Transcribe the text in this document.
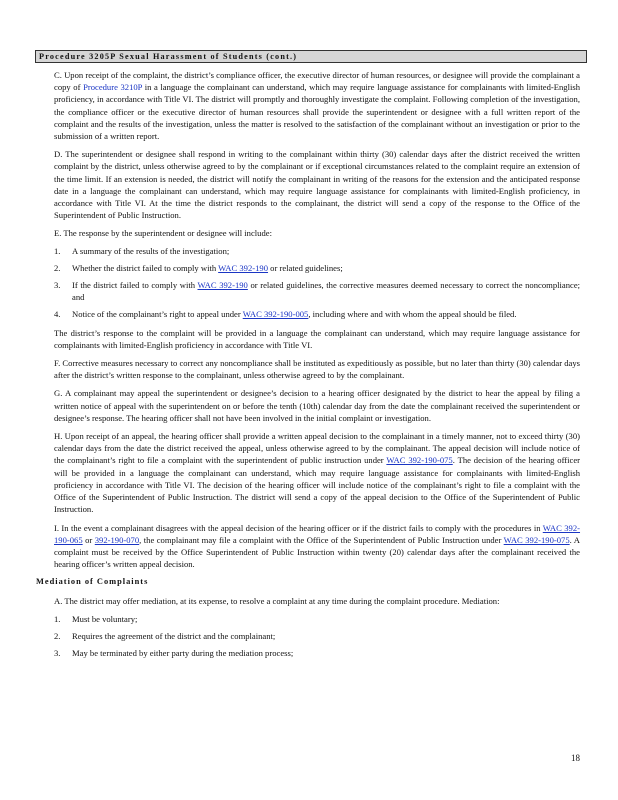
Procedure 3205P Sexual Harassment of Students (cont.)

C. Upon receipt of the complaint, the district’s compliance officer, the executive director of human resources, or designee will provide the complainant a copy of Procedure 3210P in a language the complainant can understand, which may require language assistance for complainants with limited-English proficiency, in accordance with Title VI. The district will promptly and thoroughly investigate the complaint. Following completion of the investigation, the compliance officer or the executive director of human resources shall provide the superintendent or designee with a full written report of the complaint and the results of the investigation, unless the matter is resolved to the satisfaction of the complainant without an investigation or prior to the submission of a written report.

D. The superintendent or designee shall respond in writing to the complainant within thirty (30) calendar days after the district received the written complaint by the district, unless otherwise agreed to by the complainant or if exceptional circumstances related to the complaint require an extension of the time limit. If an extension is needed, the district will notify the complainant in writing of the reasons for the extension and the anticipated response date in a language the complainant can understand, which may require language assistance for complainants with limited-English proficiency, in accordance with Title VI. At the time the district responds to the complainant, the district will send a copy of the response to the Office of the Superintendent of Public Instruction.

E. The response by the superintendent or designee will include:

1. A summary of the results of the investigation;
2. Whether the district failed to comply with WAC 392-190 or related guidelines;
3. If the district failed to comply with WAC 392-190 or related guidelines, the corrective measures deemed necessary to correct the noncompliance; and
4. Notice of the complainant’s right to appeal under WAC 392-190-005, including where and with whom the appeal should be filed.

The district’s response to the complaint will be provided in a language the complainant can understand, which may require language assistance for complainants with limited-English proficiency in accordance with Title VI.

F. Corrective measures necessary to correct any noncompliance shall be instituted as expeditiously as possible, but no later than thirty (30) calendar days after the district’s written response to the complainant, unless otherwise agreed to by the complainant.

G. A complainant may appeal the superintendent or designee’s decision to a hearing officer designated by the district to hear the appeal by filing a written notice of appeal with the superintendent on or before the tenth (10th) calendar day from the date the complainant received the superintendent or designee’s response. The hearing officer shall not have been involved in the initial complaint or investigation.

H. Upon receipt of an appeal, the hearing officer shall provide a written appeal decision to the complainant in a timely manner, not to exceed thirty (30) calendar days from the date the district received the appeal, unless otherwise agreed to by the complainant. The appeal decision will include notice of the complainant’s right to file a complaint with the superintendent of public instruction under WAC 392-190-075. The decision of the hearing officer will be provided in a language the complainant can understand, which may require language assistance for complainants with limited-English proficiency in accordance with Title VI. The decision of the hearing officer will include notice of the complainant’s right to file a complaint with the Office of the Superintendent of Public Instruction. The district will send a copy of the appeal decision to the Office of the Superintendent of Public Instruction.

I. In the event a complainant disagrees with the appeal decision of the hearing officer or if the district fails to comply with the procedures in WAC 392-190-065 or 392-190-070, the complainant may file a complaint with the Office of the Superintendent of Public Instruction under WAC 392-190-075. A complaint must be received by the Office Superintendent of Public Instruction within twenty (20) calendar days after the complainant received the hearing officer’s written appeal decision.

Mediation of Complaints

A. The district may offer mediation, at its expense, to resolve a complaint at any time during the complaint procedure. Mediation:

1. Must be voluntary;
2. Requires the agreement of the district and the complainant;
3. May be terminated by either party during the mediation process;
18
